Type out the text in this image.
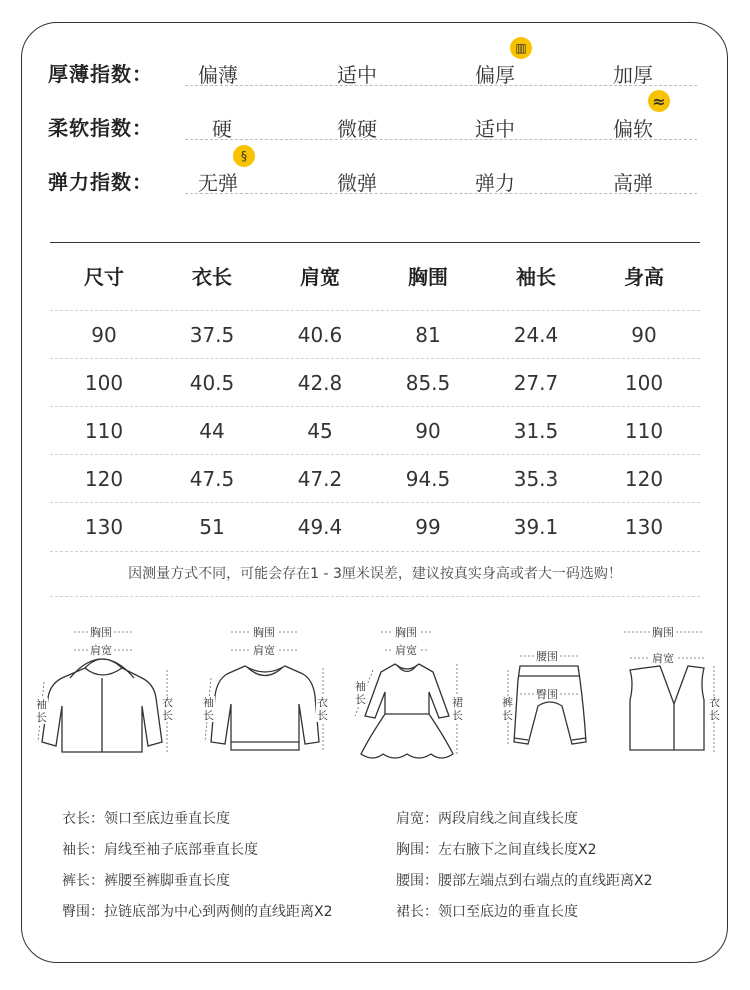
厚薄指数： 偏薄	适中	偏厚	加厚
▥
柔软指数：	硬	微硬	适中	偏软
≈
弹力指数： 无弹	微弹	弹力	高弹
§
尺寸	衣长	肩宽	胸围	袖长	身高
90	37.5	40.6	81	24.4	90
100	40.5	42.8	85.5	27.7	100
110	44	45	90	31.5	110
120	47.5	47.2	94.5	35.3	120
130	51	49.4	99	39.1	130
因测量方式不同，可能会存在1 - 3厘米误差，建议按真实身高或者大一码选购！
胸围
肩宽
袖长
衣长
胸围
肩宽
袖长
衣长
胸围
肩宽
袖长	裙长
腰围
臀围
裤长
胸围
肩宽
衣长
衣长：领口至底边垂直长度	肩宽：两段肩线之间直线长度
袖长：肩线至袖子底部垂直长度	胸围：左右腋下之间直线长度X2
裤长：裤腰至裤脚垂直长度	腰围：腰部左端点到右端点的直线距离X2
臀围：拉链底部为中心到两侧的直线距离X2	裙长：领口至底边的垂直长度
